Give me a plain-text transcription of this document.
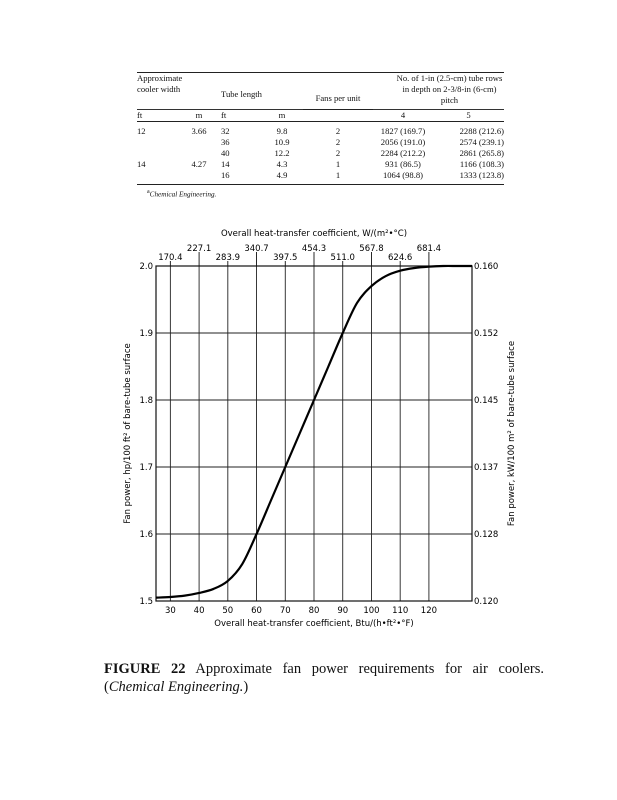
Approximate cooler width		Tube length		Fans per unit	No. of 1-in (2.5-cm) tube rows in depth on 2-3/8-in (6-cm) pitch	
ft	m	ft	m		4	5
12	3.66	32	9.8	2	1827 (169.7)	2288 (212.6)
		36	10.9	2	2056 (191.0)	2574 (239.1)
		40	12.2	2	2284 (212.2)	2861 (265.8)
14	4.27	14	4.3	1	931 (86.5)	1166 (108.3)
		16	4.9	1	1064 (98.8)	1333 (123.8)
$^a$Chemical Engineering.
227.1	340.7	454.3	567.8	681.4
170.4	283.9	397.5	511.0	624.6
30 40 50 60 70 80 90 100 110 120
1.5
1.6
1.7
1.8
1.9
2.0
0.120
0.128
0.137
0.145
0.152
0.160
Overall heat-transfer coefficient, W/(m²•°C)
Overall heat-transfer coefficient, Btu/(h•ft²•°F)
Fan power, hp/100 ft² of bare-tube surface	Fan power, kW/100 m² of bare-tube surface
FIGURE 22 Approximate fan power requirements for air coolers. (Chemical Engineering.)
